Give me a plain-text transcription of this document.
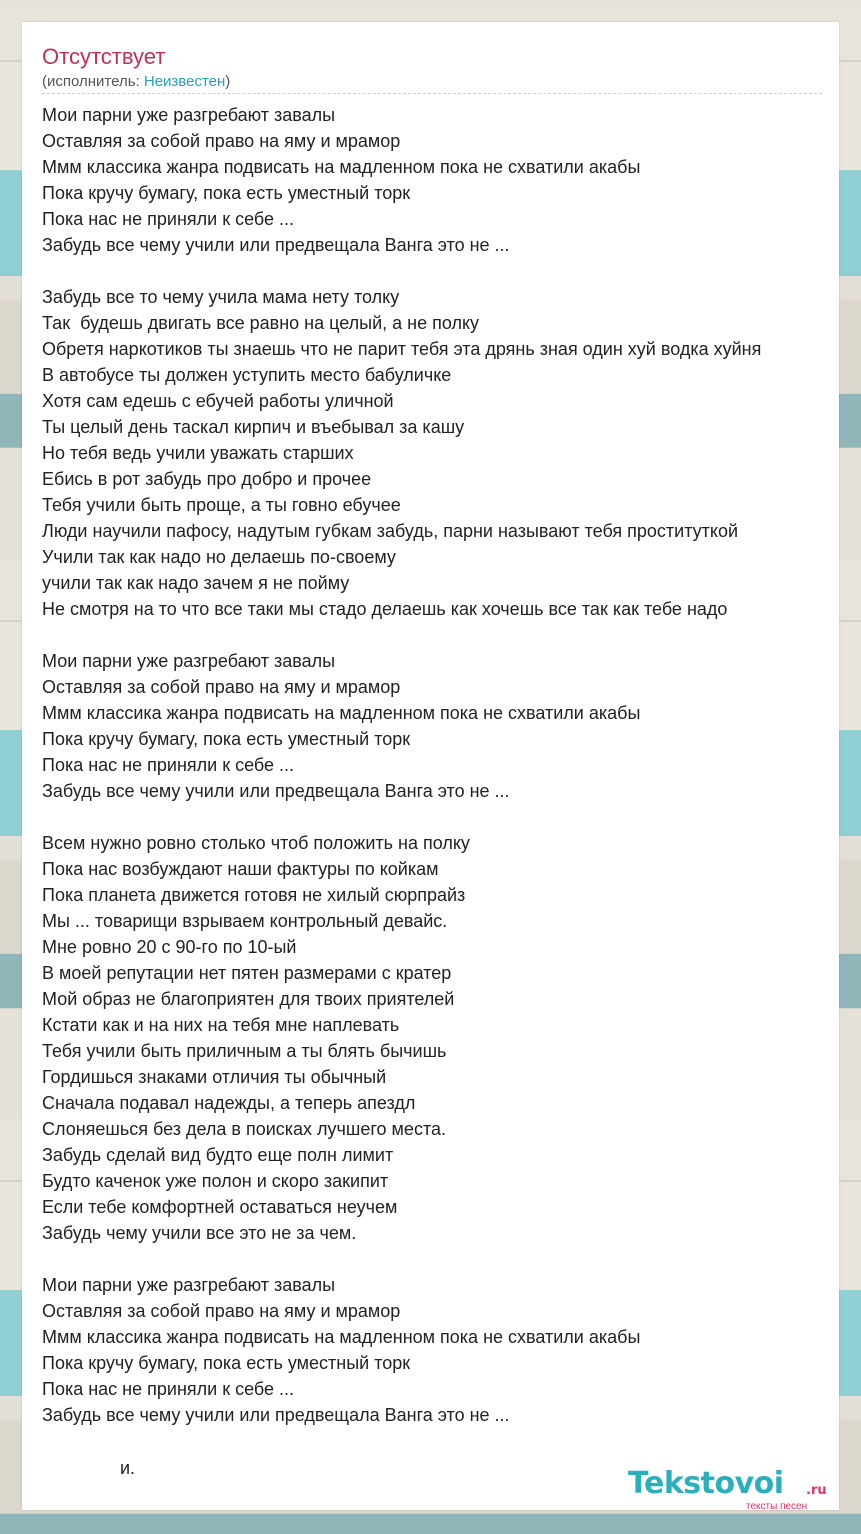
Отсутствует
(исполнитель: Неизвестен)
Мои парни уже разгребают завалы
Оставляя за собой право на яму и мрамор
Ммм классика жанра подвисать на мадленном пока не схватили акабы
Пока кручу бумагу, пока есть уместный торк
Пока нас не приняли к себе ...
Забудь все чему учили или предвещала Ванга это не ...

Забудь все то чему учила мама нету толку
Так  будешь двигать все равно на целый, а не полку
Обретя наркотиков ты знаешь что не парит тебя эта дрянь зная один хуй водка хуйня
В автобусе ты должен уступить место бабуличке
Хотя сам едешь с ебучей работы уличной
Ты целый день таскал кирпич и въебывал за кашу
Но тебя ведь учили уважать старших
Ебись в рот забудь про добро и прочее
Тебя учили быть проще, а ты говно ебучее
Люди научили пафосу, надутым губкам забудь, парни называют тебя проституткой
Учили так как надо но делаешь по-своему
учили так как надо зачем я не пойму
Не смотря на то что все таки мы стадо делаешь как хочешь все так как тебе надо

Мои парни уже разгребают завалы
Оставляя за собой право на яму и мрамор
Ммм классика жанра подвисать на мадленном пока не схватили акабы
Пока кручу бумагу, пока есть уместный торк
Пока нас не приняли к себе ...
Забудь все чему учили или предвещала Ванга это не ...

Всем нужно ровно столько чтоб положить на полку
Пока нас возбуждают наши фактуры по койкам
Пока планета движется готовя не хилый сюрпрайз
Мы ... товарищи взрываем контрольный девайс.
Мне ровно 20 с 90-го по 10-ый
В моей репутации нет пятен размерами с кратер
Мой образ не благоприятен для твоих приятелей
Кстати как и на них на тебя мне наплевать
Тебя учили быть приличным а ты блять бычишь
Гордишься знаками отличия ты обычный
Сначала подавал надежды, а теперь апездл
Слоняешься без дела в поисках лучшего места.
Забудь сделай вид будто еще полн лимит
Будто каченок уже полон и скоро закипит
Если тебе комфортней оставаться неучем
Забудь чему учили все это не за чем.

Мои парни уже разгребают завалы
Оставляя за собой право на яму и мрамор
Ммм классика жанра подвисать на мадленном пока не схватили акабы
Пока кручу бумагу, пока есть уместный торк
Пока нас не приняли к себе ...
Забудь все чему учили или предвещала Ванга это не ...
и.	Tekstovoi .ru
тексты песен
